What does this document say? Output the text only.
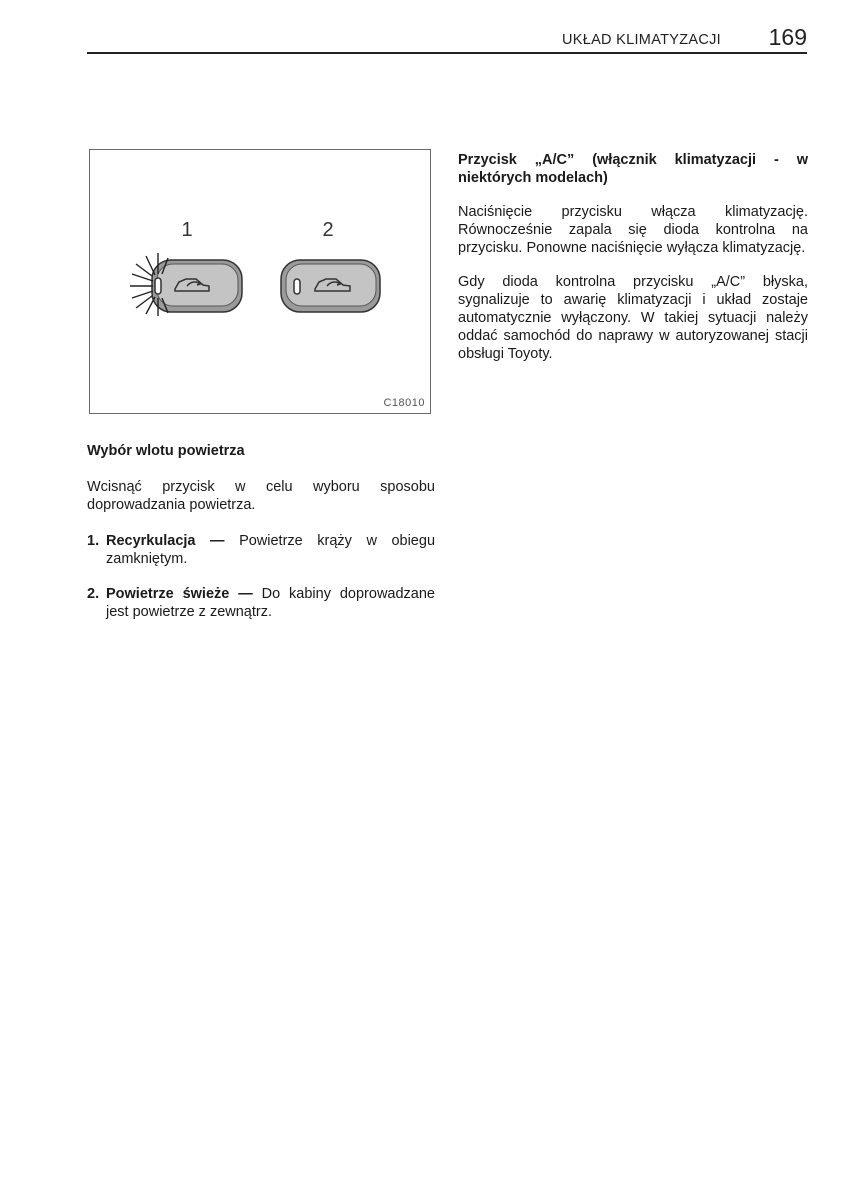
UKŁAD KLIMATYZACJI 169
1	2
C18010

Przycisk „A/C” (włącznik klimatyzacji - w niektórych modelach)

Naciśnięcie przycisku włącza klimatyzację. Równocześnie zapala się dioda kontrolna na przycisku. Ponowne naciśnięcie wyłącza klimatyzację.

Gdy dioda kontrolna przycisku „A/C” błyska, sygnalizuje to awarię klimatyzacji i układ zostaje automatycznie wyłączony. W takiej sytuacji należy oddać samochód do naprawy w autoryzowanej stacji obsługi Toyoty.

Wybór wlotu powietrza

Wcisnąć przycisk w celu wyboru sposobu doprowadzania powietrza.

1. Recyrkulacja — Powietrze krąży w obiegu zamkniętym.
2. Powietrze świeże — Do kabiny doprowadzane jest powietrze z zewnątrz.
